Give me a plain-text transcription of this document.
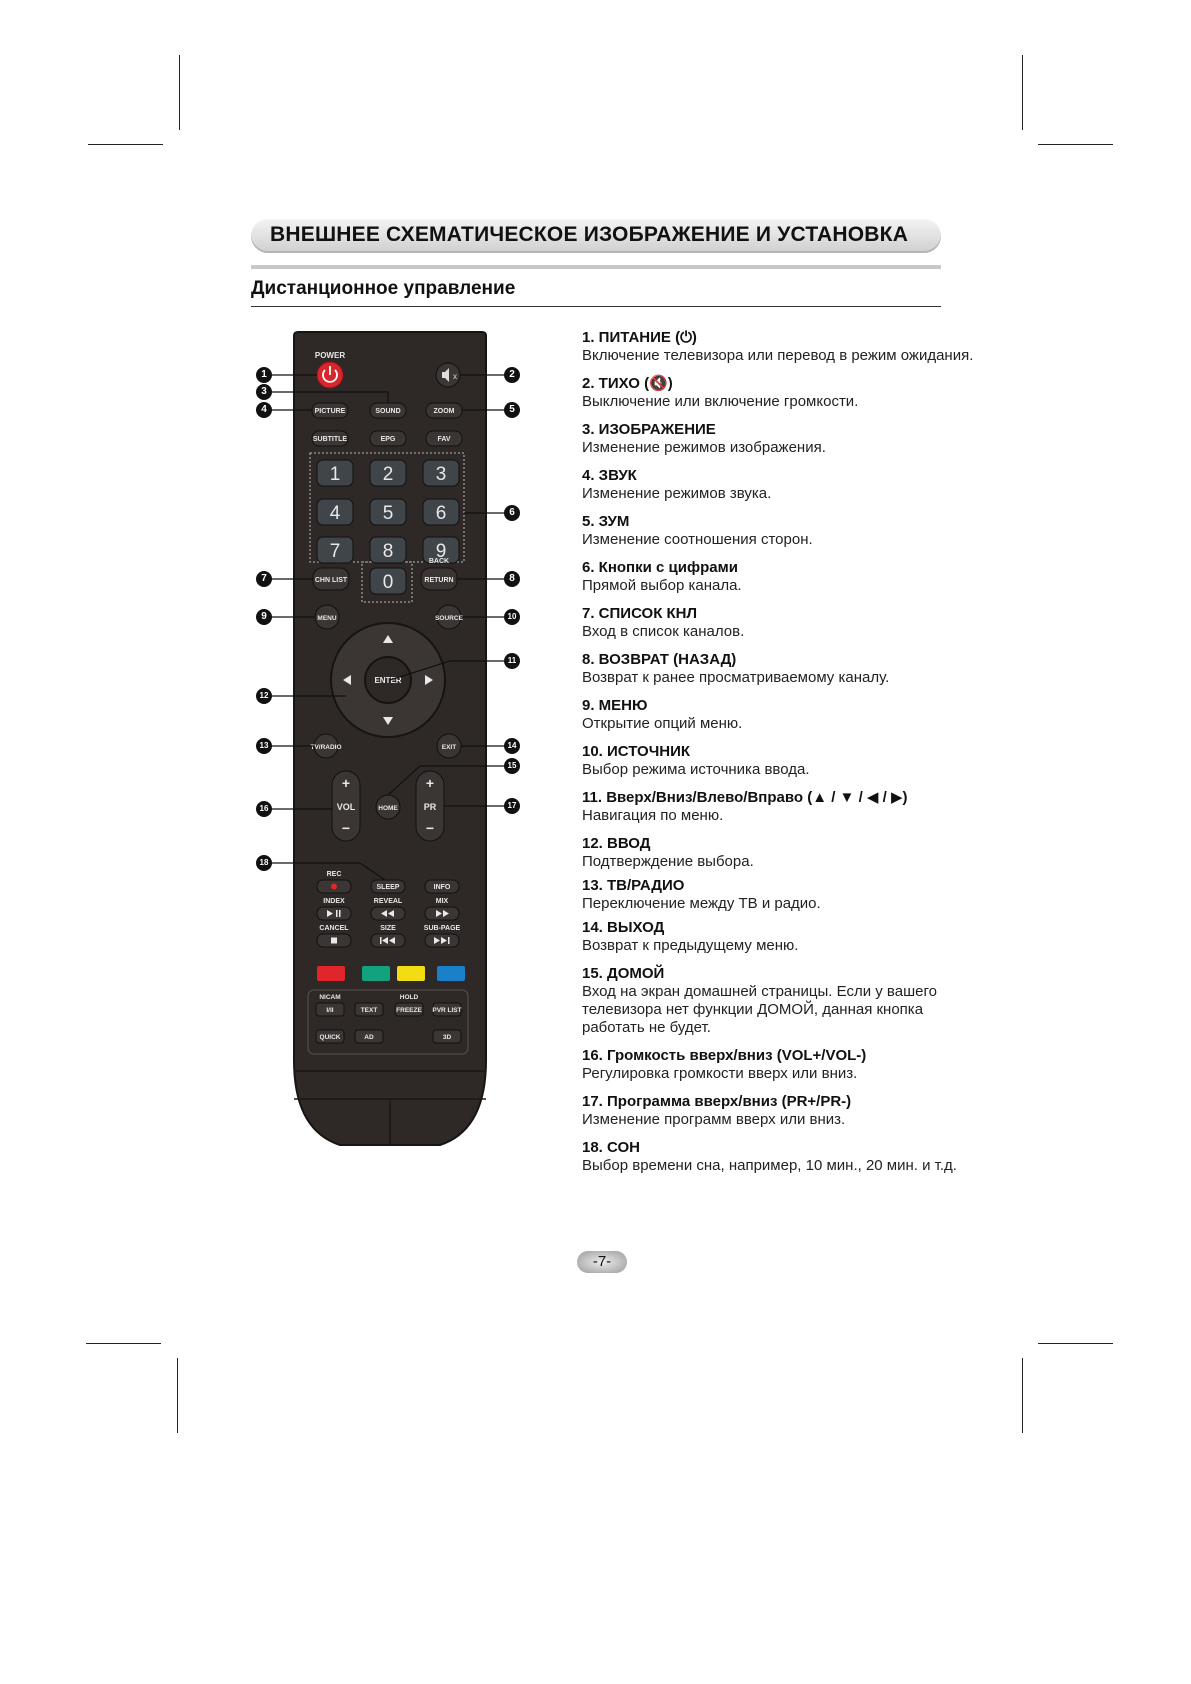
ВНЕШНЕЕ СХЕМАТИЧЕСКОЕ ИЗОБРАЖЕНИЕ И УСТАНОВКА
Дистанционное управление
POWER
x
PICTURE	SOUND	ZOOM
SUBTITLE	EPG	FAV
1 2 3
4 5 6
7 8 9
0
CHN LIST
BACK
RETURN
MENU	SOURCE
ENTER
TV/RADIO	EXIT
+
VOL
−
+
PR
−
HOME
REC
SLEEP	INFO
INDEX	REVEAL	MIX
CANCEL	SIZE	SUB-PAGE
NICAM	HOLD
I/II	TEXT	FREEZE PVR LIST
QUICK	AD	3D
1	2
3
4	5
6
7	8
9	10
11
12
13	14
15
16	17
18
1. ПИТАНИЕ (⏻)

Включение телевизора или перевод в режим ожидания.

2. ТИХО (🔇)

Выключение или включение громкости.

3. ИЗОБРАЖЕНИЕ

Изменение режимов изображения.

4. ЗВУК

Изменение режимов звука.

5. ЗУМ

Изменение соотношения сторон.

6. Кнопки с цифрами

Прямой выбор канала.

7. СПИСОК КНЛ

Вход в список каналов.

8. ВОЗВРАТ (НАЗАД)

Возврат к ранее просматриваемому каналу.

9. МЕНЮ

Открытие опций меню.

10. ИСТОЧНИК

Выбор режима источника ввода.

11. Вверх/Вниз/Влево/Вправо (▲ / ▼ / ◀ / ▶)

Навигация по меню.

12. ВВОД

Подтверждение выбора.

13. ТВ/РАДИО

Переключение между ТВ и радио.

14. ВЫХОД

Возврат к предыдущему меню.

15. ДОМОЙ

Вход на экран домашней страницы. Если у вашего телевизора нет функции ДОМОЙ, данная кнопка работать не будет.

16. Громкость вверх/вниз (VOL+/VOL-)

Регулировка громкости вверх или вниз.

17. Программа вверх/вниз (PR+/PR-)

Изменение программ вверх или вниз.

18. СОН

Выбор времени сна, например, 10 мин., 20 мин. и т.д.

-7-
